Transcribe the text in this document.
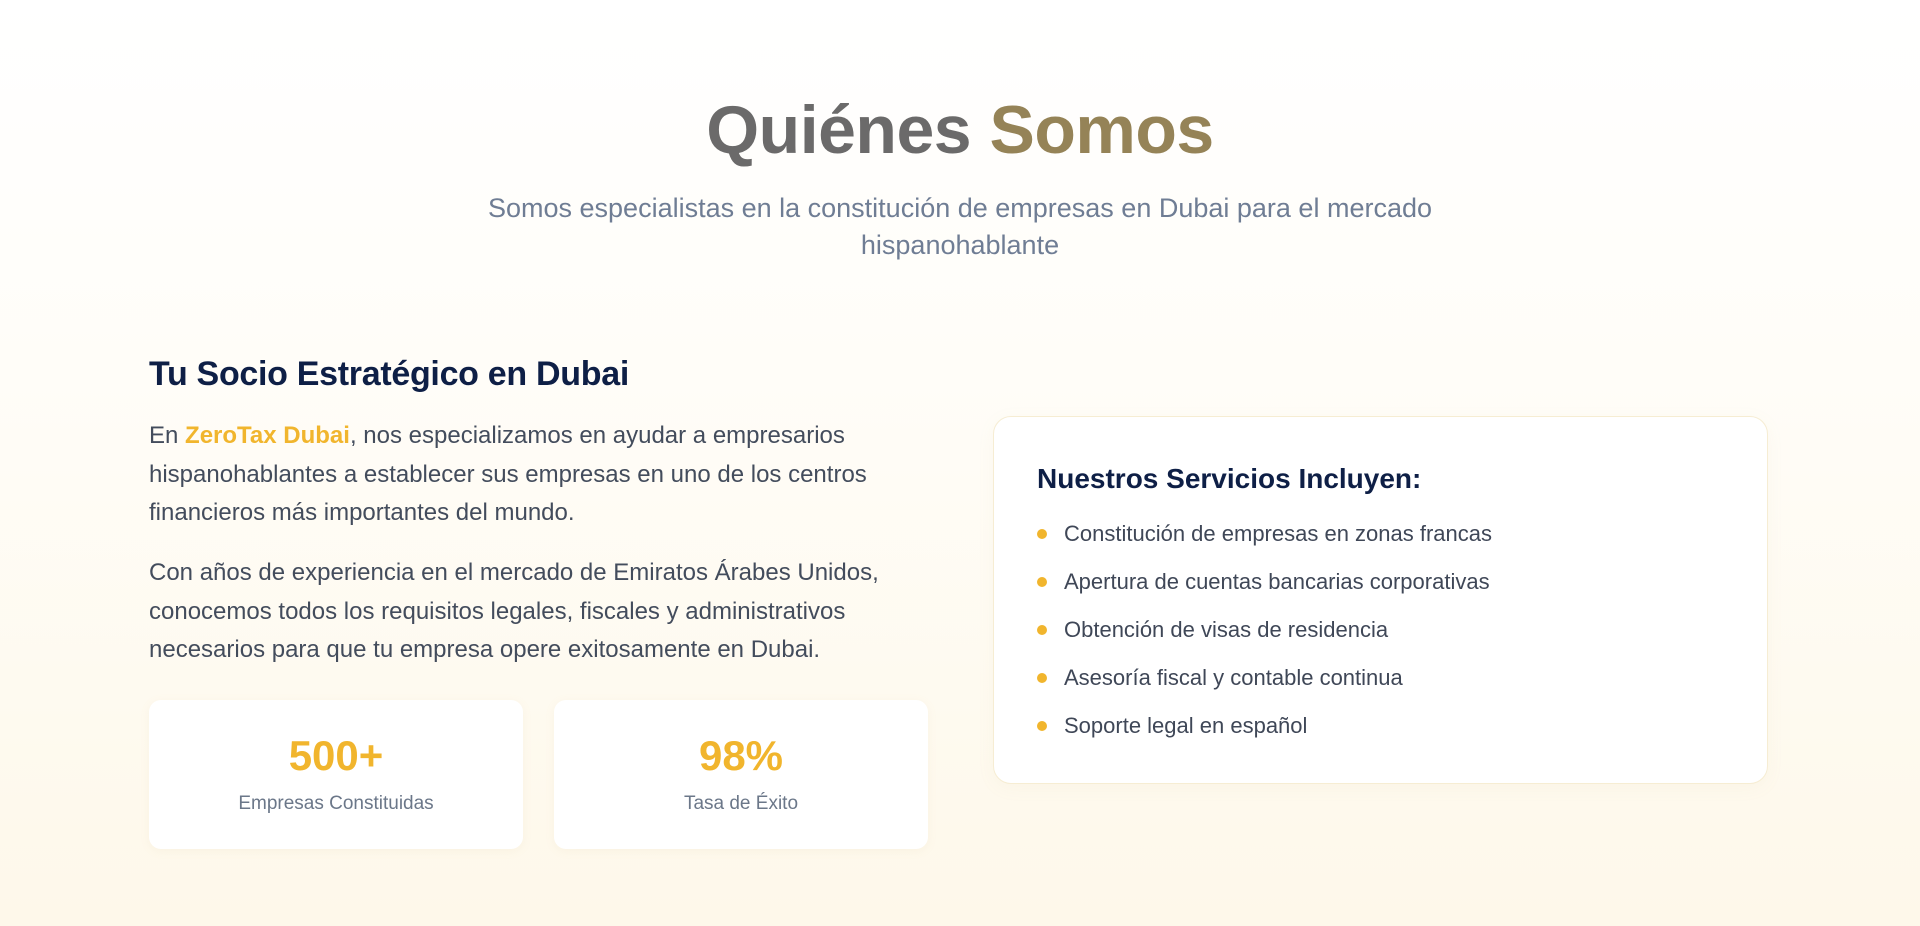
Quiénes Somos

Somos especialistas en la constitución de empresas en Dubai para el mercado hispanohablante

Tu Socio Estratégico en Dubai

En ZeroTax Dubai, nos especializamos en ayudar a empresarios hispanohablantes a establecer sus empresas en uno de los centros financieros más importantes del mundo.

Con años de experiencia en el mercado de Emiratos Árabes Unidos, conocemos todos los requisitos legales, fiscales y administrativos necesarios para que tu empresa opere exitosamente en Dubai.

500+
Empresas Constituidas
98%
Tasa de Éxito
Nuestros Servicios Incluyen:
Constitución de empresas en zonas francas
Apertura de cuentas bancarias corporativas
Obtención de visas de residencia
Asesoría fiscal y contable continua
Soporte legal en español
